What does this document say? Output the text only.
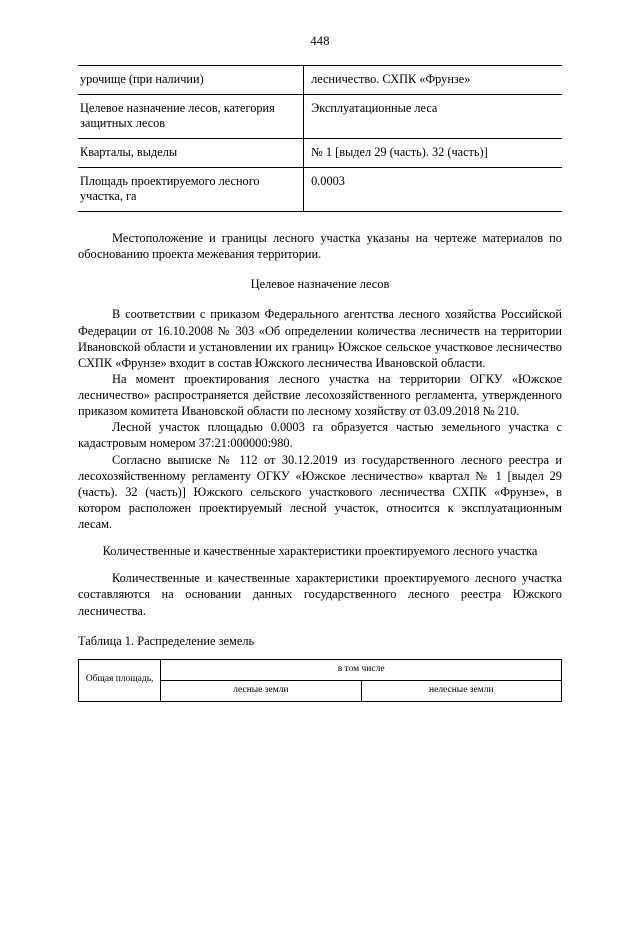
448
урочище (при наличии)	лесничество. СХПК «Фрунзе»
Целевое назначение лесов, категория защитных лесов	Эксплуатационные леса
Кварталы, выделы	№ 1 [выдел 29 (часть). 32 (часть)]
Площадь проектируемого лесного участка, га	0.0003

Местоположение и границы лесного участка указаны на чертеже материалов по обоснованию проекта межевания территории.

Целевое назначение лесов

В соответствии с приказом Федерального агентства лесного хозяйства Российской Федерации от 16.10.2008 № 303 «Об определении количества лесничеств на территории Ивановской области и установлении их границ» Южское сельское участковое лесничество СХПК «Фрунзе» входит в состав Южского лесничества Ивановской области.

На момент проектирования лесного участка на территории ОГКУ «Южское лесничество» распространяется действие лесохозяйственного регламента, утвержденного приказом комитета Ивановской области по лесному хозяйству от 03.09.2018 № 210.

Лесной участок площадью 0.0003 га образуется частью земельного участка с кадастровым номером 37:21:000000:980.

Согласно выписке № 112 от 30.12.2019 из государственного лесного реестра и лесохозяйственному регламенту ОГКУ «Южское лесничество» квартал № 1 [выдел 29 (часть). 32 (часть)] Южского сельского участкового лесничества СХПК «Фрунзе», в котором расположен проектируемый лесной участок, относится к эксплуатационным лесам.

Количественные и качественные характеристики проектируемого лесного участка

Количественные и качественные характеристики проектируемого лесного участка составляются на основании данных государственного лесного реестра Южского лесничества.

Таблица 1. Распределение земель

Общая площадь,	в том числе	
	лесные земли	нелесные земли
